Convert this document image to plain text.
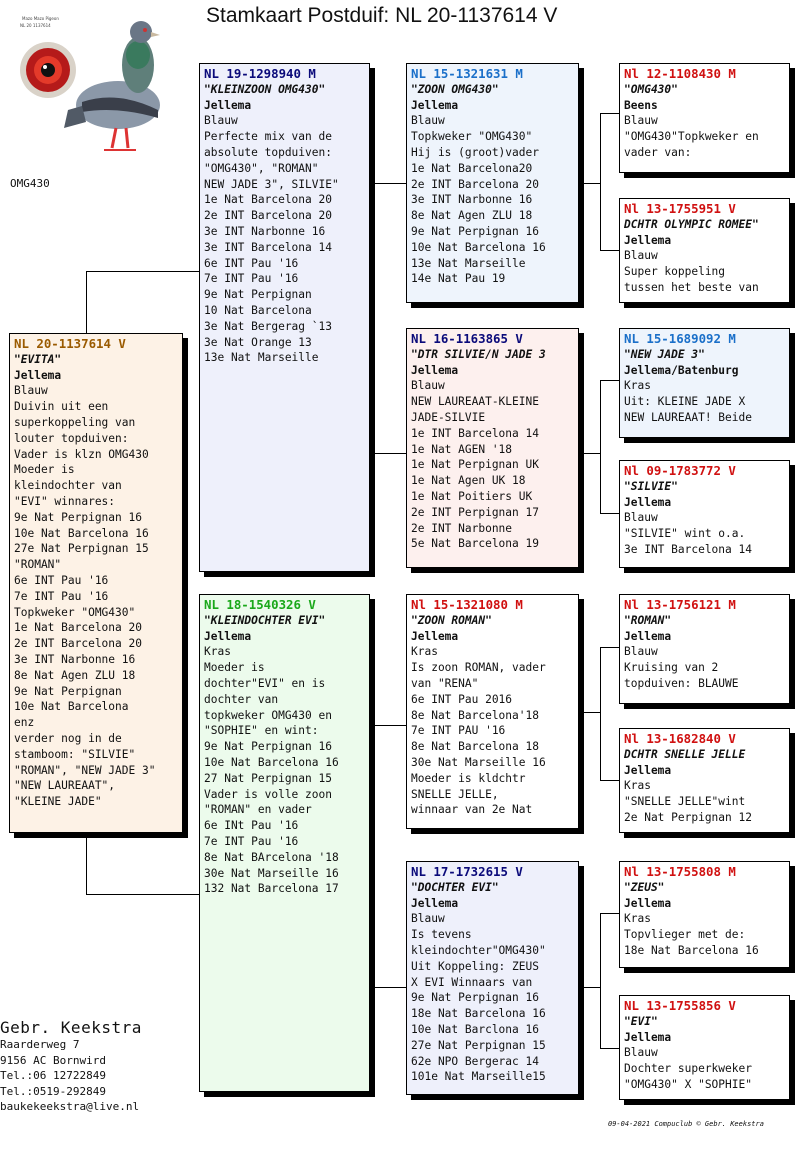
Stamkaart Postduif: NL 20-1137614 V
Mazo Mazo Pigeon
NL 20 1137614
OMG430
NL 20-1137614 V
"EVITA"
Jellema
Blauw
Duivin uit een
superkoppeling van
louter topduiven:
Vader is klzn OMG430
Moeder is
kleindochter van
"EVI" winnares:
9e Nat Perpignan 16
10e Nat Barcelona 16
27e Nat Perpignan 15
"ROMAN"
6e INT Pau '16
7e INT Pau '16
Topkweker "OMG430"
1e Nat Barcelona 20
2e INT Barcelona 20
3e INT Narbonne 16
8e Nat Agen ZLU 18
9e Nat Perpignan
10e Nat Barcelona
enz
verder nog in de
stamboom: "SILVIE"
"ROMAN", "NEW JADE 3"
"NEW LAUREAAT",
"KLEINE JADE"
NL 19-1298940 M
"KLEINZOON OMG430"
Jellema
Blauw
Perfecte mix van de
absolute topduiven:
"OMG430", "ROMAN"
NEW JADE 3", SILVIE"
1e Nat Barcelona 20
2e INT Barcelona 20
3e INT Narbonne 16
3e INT Barcelona 14
6e INT Pau '16
7e INT Pau '16
9e Nat Perpignan
10 Nat Barcelona
3e Nat Bergerag `13
3e Nat Orange 13
13e Nat Marseille
NL 18-1540326 V
"KLEINDOCHTER EVI"
Jellema
Kras
Moeder is
dochter"EVI" en is
dochter van
topkweker OMG430 en
"SOPHIE" en wint:
9e Nat Perpignan 16
10e Nat Barcelona 16
27 Nat Perpignan 15
Vader is volle zoon
"ROMAN" en vader
6e INt Pau '16
7e INT Pau '16
8e Nat BArcelona '18
30e Nat Marseille 16
132 Nat Barcelona 17
NL 15-1321631 M
"ZOON OMG430"
Jellema
Blauw
Topkweker "OMG430"
Hij is (groot)vader
1e Nat Barcelona20
2e INT Barcelona 20
3e INT Narbonne 16
8e Nat Agen ZLU 18
9e Nat Perpignan 16
10e Nat Barcelona 16
13e Nat Marseille
14e Nat Pau 19
NL 16-1163865 V
"DTR SILVIE/N JADE 3
Jellema
Blauw
NEW LAUREAAT-KLEINE
JADE-SILVIE
1e INT Barcelona 14
1e Nat AGEN '18
1e Nat Perpignan UK
1e Nat Agen UK 18
1e Nat Poitiers UK
2e INT Perpignan 17
2e INT Narbonne
5e Nat Barcelona 19
Nl 15-1321080 M
"ZOON ROMAN"
Jellema
Kras
Is zoon ROMAN, vader
van "RENA"
6e INT Pau 2016
8e Nat Barcelona'18
7e INT PAU '16
8e Nat Barcelona 18
30e Nat Marseille 16
Moeder is kldchtr
SNELLE JELLE,
winnaar van 2e Nat
NL 17-1732615 V
"DOCHTER EVI"
Jellema
Blauw
Is tevens
kleindochter"OMG430"
Uit Koppeling: ZEUS
X EVI Winnaars van
9e Nat Perpignan 16
18e Nat Barcelona 16
10e Nat Barclona 16
27e Nat Perpignan 15
62e NPO Bergerac 14
101e Nat Marseille15
Nl 12-1108430 M
"OMG430"
Beens
Blauw
"OMG430"Topkweker en
vader van:
Nl 13-1755951 V
DCHTR OLYMPIC ROMEE"
Jellema
Blauw
Super koppeling
tussen het beste van
NL 15-1689092 M
"NEW JADE 3"
Jellema/Batenburg
Kras
Uit: KLEINE JADE X
NEW LAUREAAT! Beide
Nl 09-1783772 V
"SILVIE"
Jellema
Blauw
"SILVIE" wint o.a.
3e INT Barcelona 14
Nl 13-1756121 M
"ROMAN"
Jellema
Blauw
Kruising van 2
topduiven: BLAUWE
Nl 13-1682840 V
DCHTR SNELLE JELLE
Jellema
Kras
"SNELLE JELLE"wint
2e Nat Perpignan 12
Nl 13-1755808 M
"ZEUS"
Jellema
Kras
Topvlieger met de:
18e Nat Barcelona 16
NL 13-1755856 V
"EVI"
Jellema
Blauw
Dochter superkweker
"OMG430" X "SOPHIE"
Gebr. Keekstra
Raarderweg 7
9156 AC Bornwird
Tel.:06 12722849
Tel.:0519-292849
baukekeekstra@live.nl
09-04-2021 Compuclub © Gebr. Keekstra
